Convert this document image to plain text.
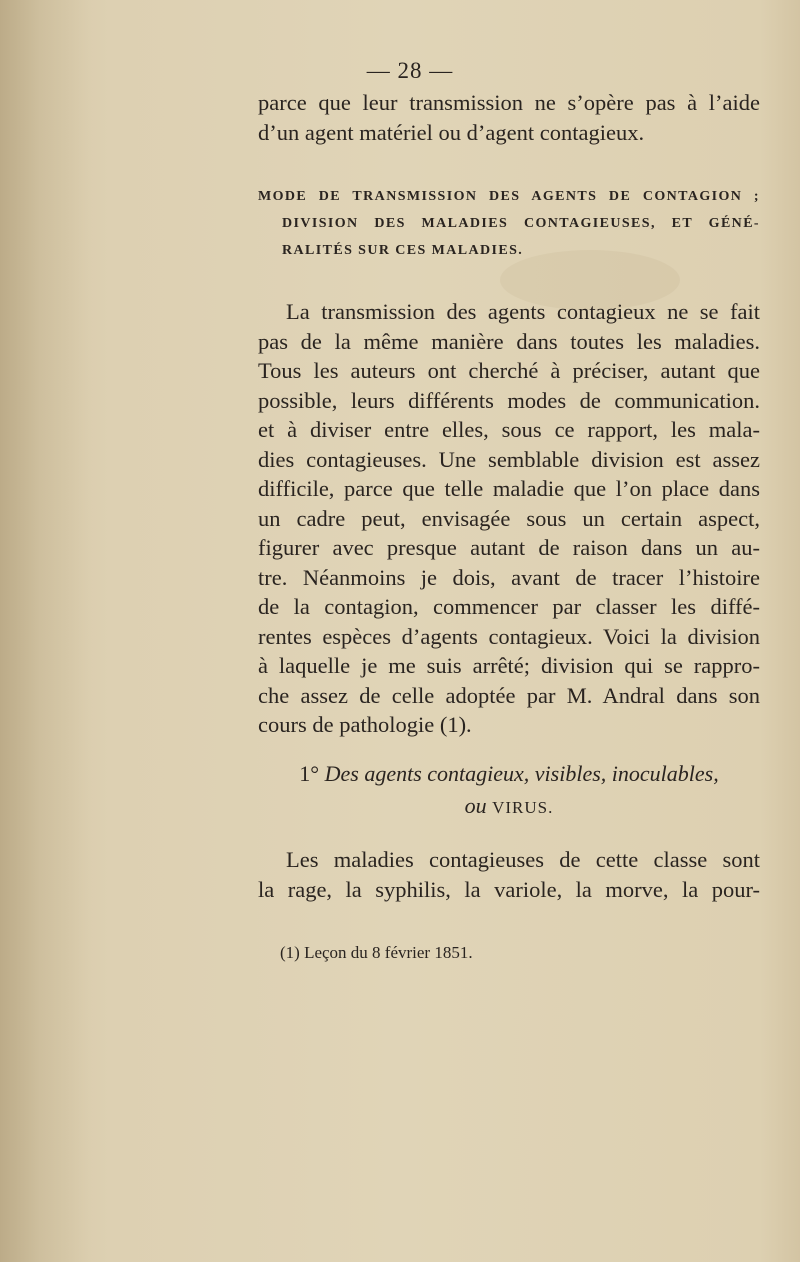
— 28 —
parce que leur transmission ne s’opère pas à l’aide
d’un agent matériel ou d’agent contagieux.
MODE DE TRANSMISSION DES AGENTS DE CONTAGION ;
DIVISION DES MALADIES CONTAGIEUSES, ET GÉNÉ-
RALITÉS SUR CES MALADIES.
La transmission des agents contagieux ne se fait
pas de la même manière dans toutes les maladies.
Tous les auteurs ont cherché à préciser, autant que
possible, leurs différents modes de communication.
et à diviser entre elles, sous ce rapport, les mala-
dies contagieuses. Une semblable division est assez
difficile, parce que telle maladie que l’on place dans
un cadre peut, envisagée sous un certain aspect,
figurer avec presque autant de raison dans un au-
tre. Néanmoins je dois, avant de tracer l’histoire
de la contagion, commencer par classer les diffé-
rentes espèces d’agents contagieux. Voici la division
à laquelle je me suis arrêté; division qui se rappro-
che assez de celle adoptée par M. Andral dans son
cours de pathologie (1).
1° Des agents contagieux, visibles, inoculables,
ou VIRUS.
Les maladies contagieuses de cette classe sont
la rage, la syphilis, la variole, la morve, la pour-
(1) Leçon du 8 février 1851.
